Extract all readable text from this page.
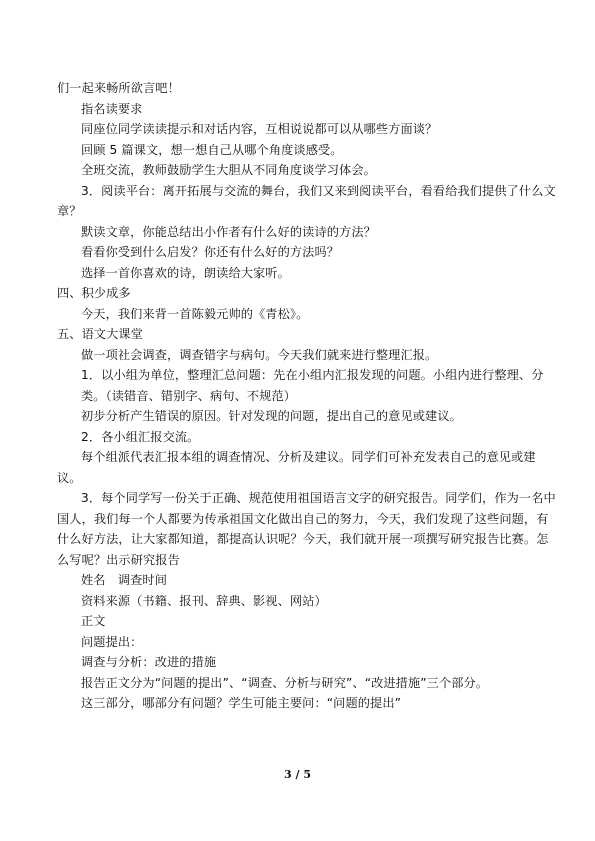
们一起来畅所欲言吧！
指名读要求
同座位同学读读提示和对话内容，互相说说都可以从哪些方面谈？
回顾 5 篇课文，想一想自己从哪个角度谈感受。
全班交流，教师鼓励学生大胆从不同角度谈学习体会。
3．阅读平台：离开拓展与交流的舞台，我们又来到阅读平台，看看给我们提供了什么文
章？
默读文章，你能总结出小作者有什么好的读诗的方法？
看看你受到什么启发？你还有什么好的方法吗？
选择一首你喜欢的诗，朗读给大家听。
四、积少成多
今天，我们来背一首陈毅元帅的《青松》。
五、语文大课堂
做一项社会调查，调查错字与病句。今天我们就来进行整理汇报。
1．以小组为单位，整理汇总问题：先在小组内汇报发现的问题。小组内进行整理、分
类。（读错音、错别字、病句、不规范）
初步分析产生错误的原因。针对发现的问题，提出自己的意见或建议。
2．各小组汇报交流。
每个组派代表汇报本组的调查情况、分析及建议。同学们可补充发表自己的意见或建
议。
3．每个同学写一份关于正确、规范使用祖国语言文字的研究报告。同学们，作为一名中
国人，我们每一个人都要为传承祖国文化做出自己的努力，今天，我们发现了这些问题，有
什么好方法，让大家都知道，都提高认识呢？今天，我们就开展一项撰写研究报告比赛。怎
么写呢？出示研究报告
姓名　调查时间
资料来源（书籍、报刊、辞典、影视、网站）
正文
问题提出：
调查与分析：改进的措施
报告正文分为“问题的提出”、“调查、分析与研究”、“改进措施”三个部分。
这三部分，哪部分有问题？学生可能主要问：“问题的提出”
3 / 5
